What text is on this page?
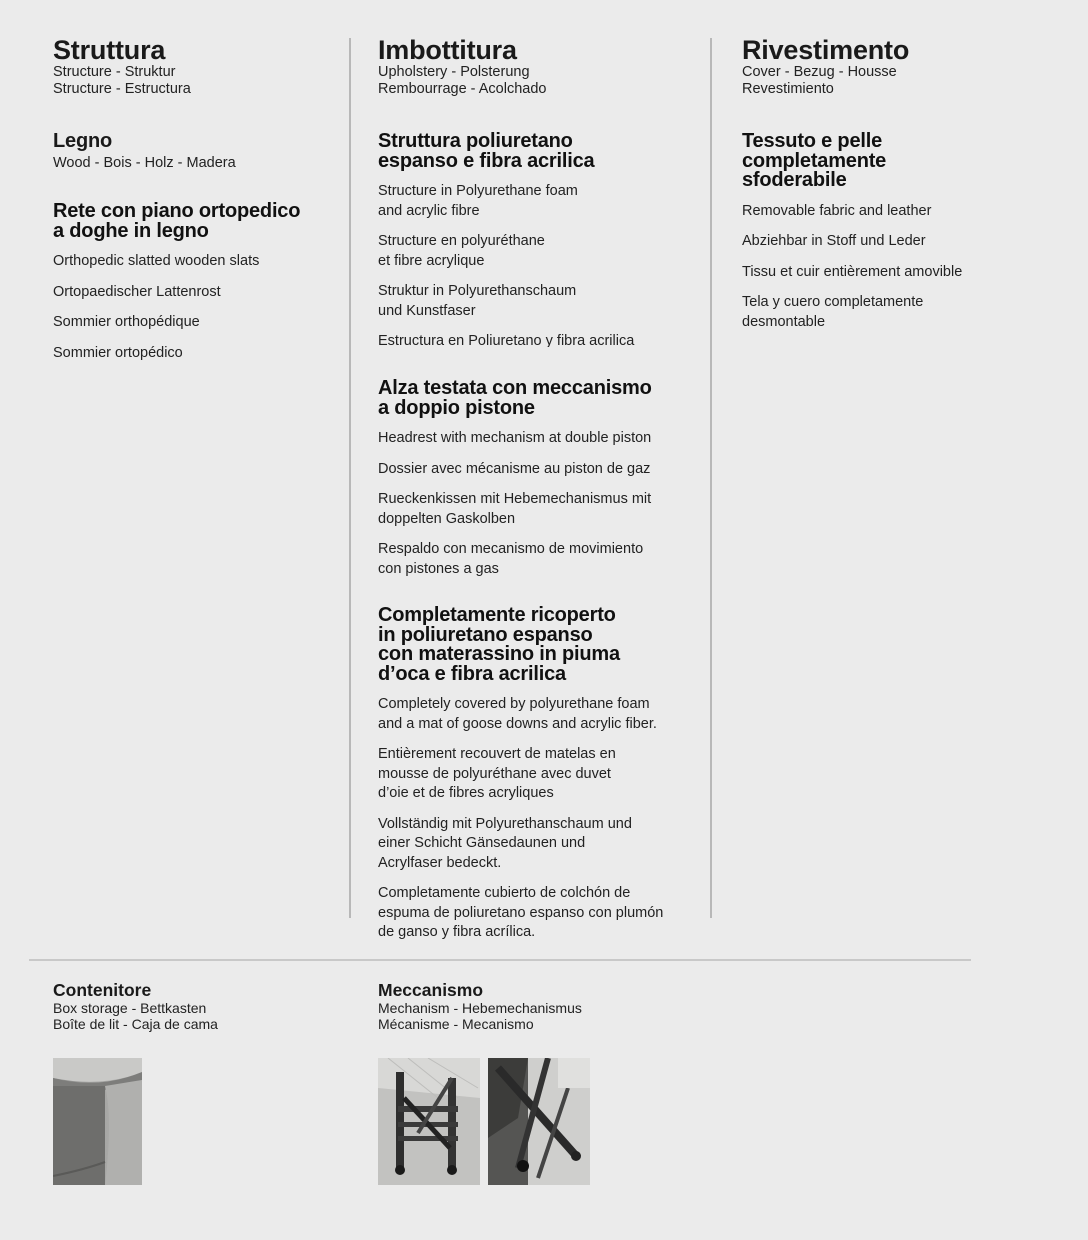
Struttura

Structure - Struktur
Structure - Estructura

Legno

Wood - Bois - Holz - Madera

Rete con piano ortopedico
a doghe in legno

Orthopedic slatted wooden slats

Ortopaedischer Lattenrost

Sommier orthopédique

Sommier ortopédico

Imbottitura

Upholstery - Polsterung
Rembourrage - Acolchado

Struttura poliuretano
espanso e fibra acrilica

Structure in Polyurethane foam
and acrylic fibre

Structure en polyuréthane
et fibre acrylique

Struktur in Polyurethanschaum
und Kunstfaser

Estructura en Poliuretano y fibra acrilica

Alza testata con meccanismo
a doppio pistone

Headrest with mechanism at double piston

Dossier avec mécanisme au piston de gaz

Rueckenkissen mit Hebemechanismus mit
doppelten Gaskolben

Respaldo con mecanismo de movimiento
con pistones a gas

Completamente ricoperto
in poliuretano espanso
con materassino in piuma
d’oca e fibra acrilica

Completely covered by polyurethane foam
and a mat of goose downs and acrylic fiber.

Entièrement recouvert de matelas en
mousse de polyuréthane avec duvet
d’oie et de fibres acryliques

Vollständig mit Polyurethanschaum und
einer Schicht Gänsedaunen und
Acrylfaser bedeckt.

Completamente cubierto de colchón de
espuma de poliuretano espanso con plumón
de ganso y fibra acrílica.

Rivestimento

Cover - Bezug - Housse
Revestimiento

Tessuto e pelle
completamente
sfoderabile

Removable fabric and leather

Abziehbar in Stoff und Leder

Tissu et cuir entièrement amovible

Tela y cuero completamente
desmontable

Contenitore

Box storage - Bettkasten
Boîte de lit - Caja de cama

Meccanismo

Mechanism - Hebemechanismus
Mécanisme - Mecanismo
